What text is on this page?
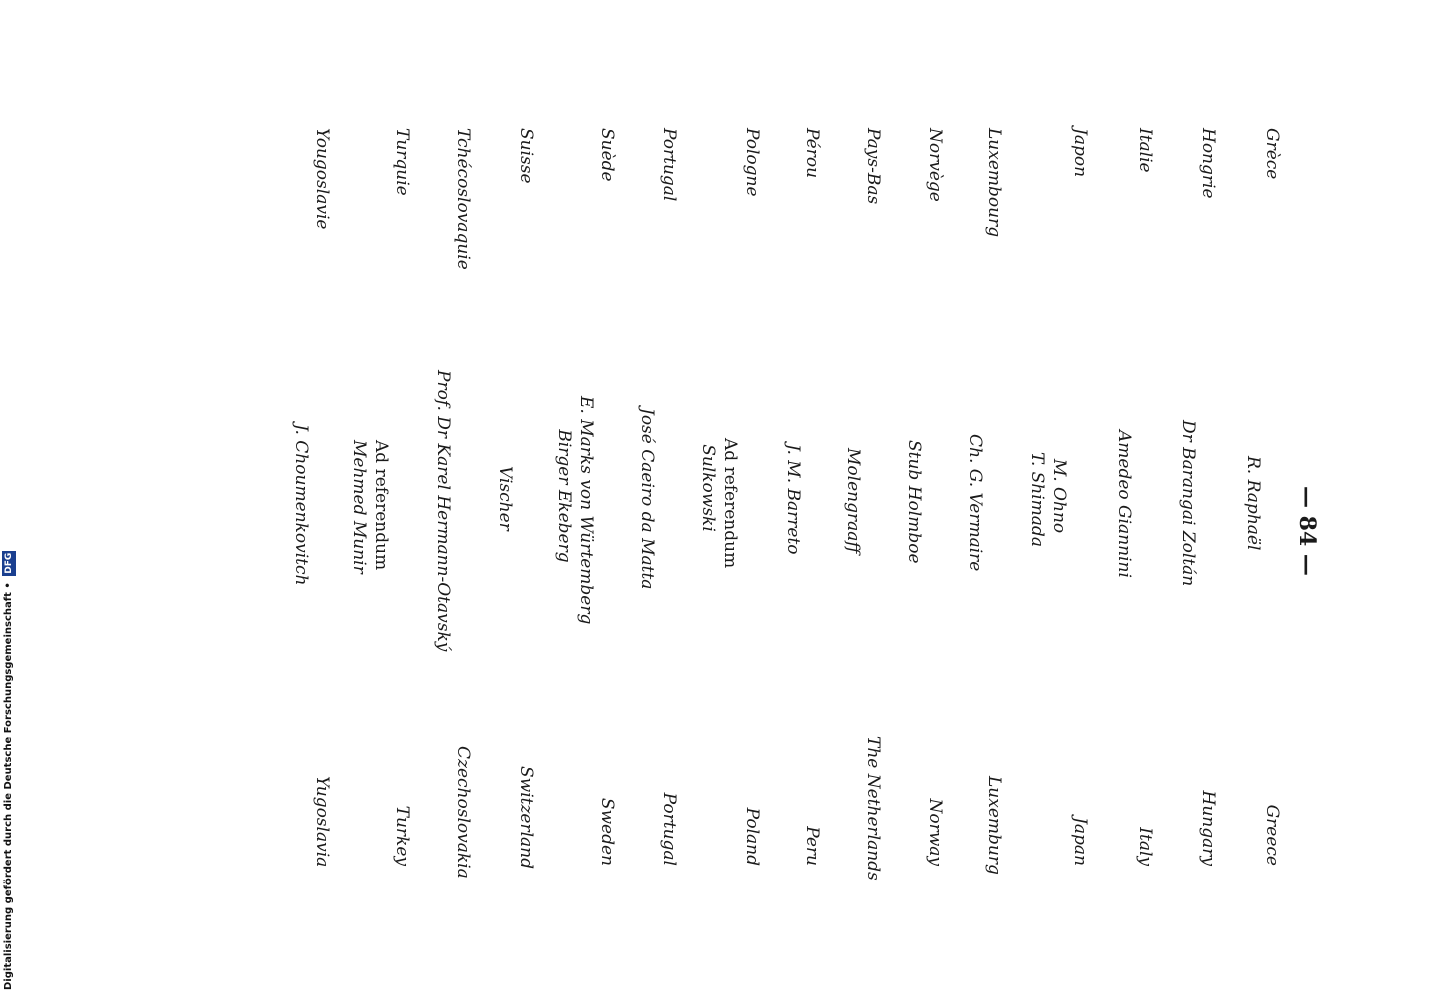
— 84 —
Grèce
R. Raphaël
Greece
Hongrie
Dr Barangai Zoltán
Hungary
Italie
Amedeo Giannini
Italy
Japon
M. Ohno
T. Shimada
Japan
Luxembourg
Ch. G. Vermaire
Luxemburg
Norvège
Stub Holmboe
Norway
Pays-Bas
Molengraaff
The Netherlands
Pérou
J. M. Barreto
Peru
Pologne
Ad referendum
Sulkowski
Poland
Portugal
José Caeiro da Matta
Portugal
Suède
E. Marks von Würtemberg
Birger Ekeberg
Sweden
Suisse
Vischer
Switzerland
Tchécoslovaquie
Prof. Dr Karel Hermann-Otavský
Czechoslovakia
Turquie
Ad referendum
Mehmed Munir
Turkey
Yougoslavie
J. Choumenkovitch
Yugoslavia
Digitalisierung gefördert durch die Deutsche Forschungsgemeinschaft • DFG
